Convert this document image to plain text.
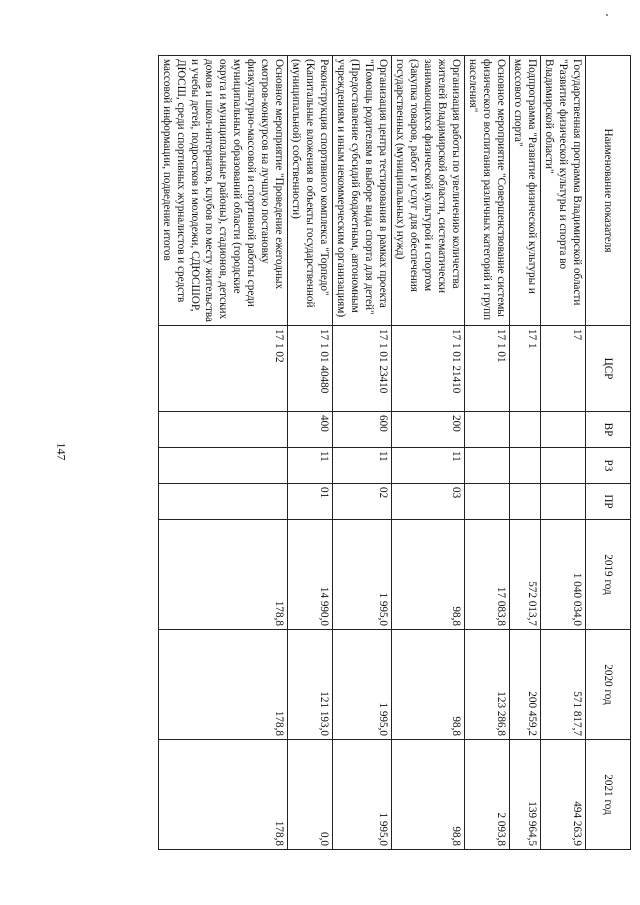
147
Наименование показателя	ЦСР	ВР	РЗ	ПР	2019 год	2020 год	2021 год
Государственная программа Владимирской области "Развитие физической культуры и спорта во Владимирской области"	17				1 040 034,0	571 817,7	494 263,9
Подпрограмма "Развитие физической культуры и массового спорта"	17 1				572 013,7	200 459,2	139 964,5
Основное мероприятие "Совершенствование системы физического воспитания различных категорий и групп населения"	17 1 01				17 083,8	123 286,8	2 093,8
Организация работы по увеличению количества жителей Владимирской области, систематически занимающихся физической культурой и спортом (Закупка товаров, работ и услуг для обеспечения государственных (муниципальных) нужд)	17 1 01 21410	200	11	03	98,8	98,8	98,8
Организация центра тестирования в рамках проекта "Помощь родителям в выборе вида спорта для детей" (Предоставление субсидий бюджетным, автономным учреждениям и иным некоммерческим организациям)	17 1 01 23410	600	11	02	1 995,0	1 995,0	1 995,0
Реконструкция спортивного комплекса "Торпедо" (Капитальные вложения в объекты государственной (муниципальной) собственности)	17 1 01 40480	400	11	01	14 990,0	121 193,0	0,0
Основное мероприятие "Проведение ежегодных смотров-конкурсов на лучшую постановку физкультурно-массовой и спортивной работы среди муниципальных образований области (городские округа и муниципальные районы), стадионов, детских домов и школ-интернатов, клубов по месту жительства и учебы детей, подростков и молодежи, СДЮСШОР, ДЮСШ, среди спортивных журналистов и средств массовой информации, подведение итогов	17 1 02				178,8	178,8	178,8
